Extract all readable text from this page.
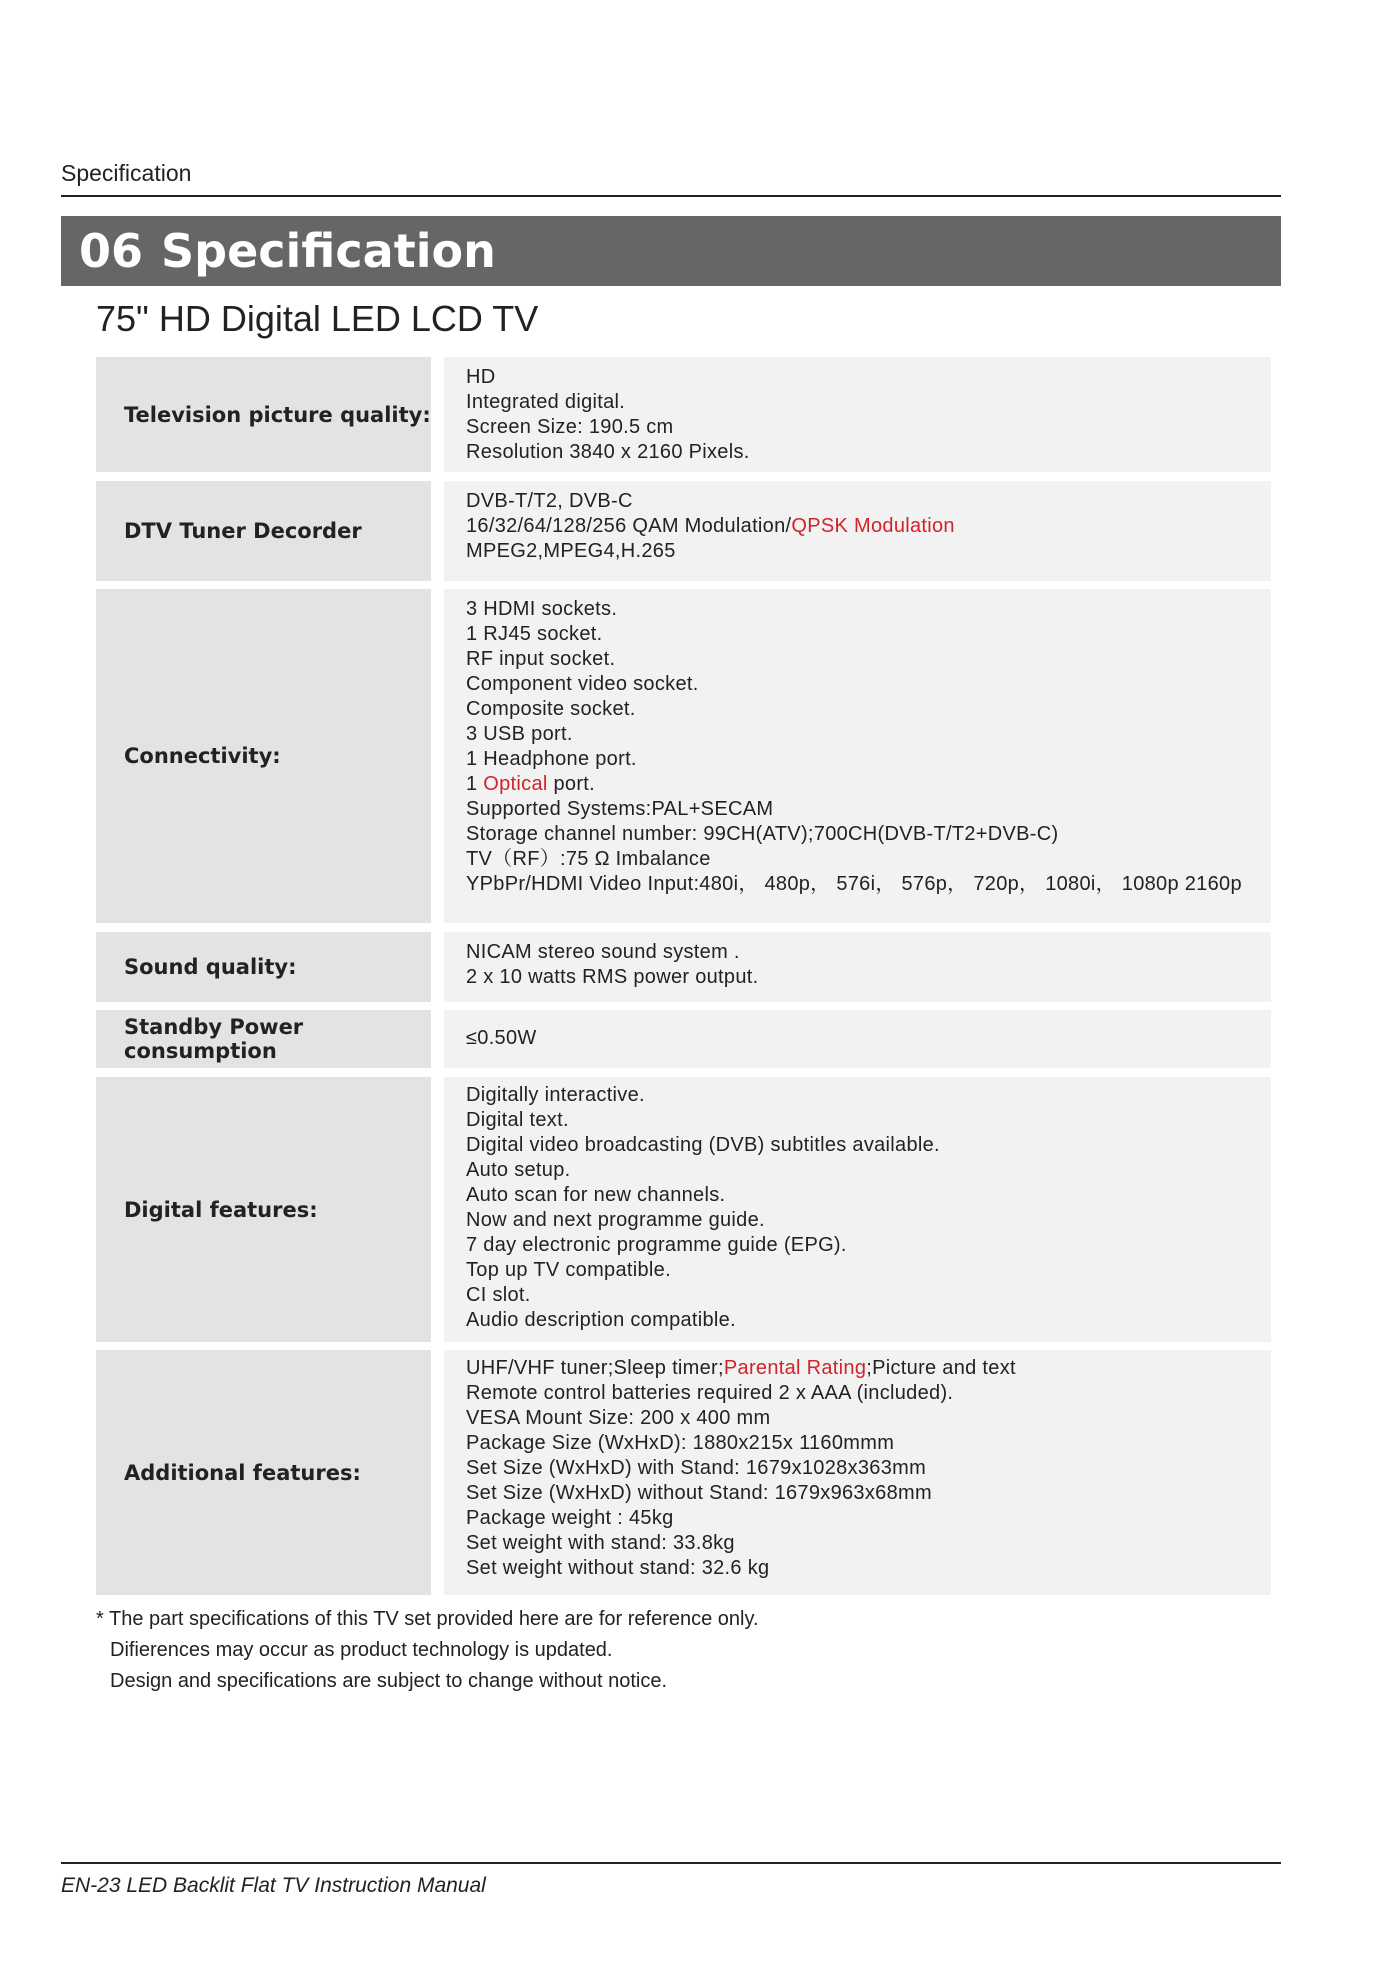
Specification
06 Specification
75" HD Digital LED LCD TV
Television picture quality:
HD
Integrated digital.
Screen Size: 190.5 cm
Resolution 3840 x 2160 Pixels.
DTV Tuner Decorder
DVB-T/T2, DVB-C
16/32/64/128/256 QAM Modulation/QPSK Modulation
MPEG2,MPEG4,H.265
Connectivity:
3 HDMI sockets.
1 RJ45 socket.
RF input socket.
Component video socket.
Composite socket.
3 USB port.
1 Headphone port.
1 Optical port.
Supported Systems:PAL+SECAM
Storage channel number: 99CH(ATV);700CH(DVB-T/T2+DVB-C)
TV（RF）:75 Ω Imbalance
YPbPr/HDMI Video Input:480i， 480p， 576i， 576p， 720p， 1080i， 1080p 2160p
Sound quality:
NICAM stereo sound system .
2 x 10 watts RMS power output.
Standby Power consumption
≤0.50W
Digital features:
Digitally interactive.
Digital text.
Digital video broadcasting (DVB) subtitles available.
Auto setup.
Auto scan for new channels.
Now and next programme guide.
7 day electronic programme guide (EPG).
Top up TV compatible.
CI slot.
Audio description compatible.
Additional features:
UHF/VHF tuner;Sleep timer;Parental Rating;Picture and text
Remote control batteries required 2 x AAA (included).
VESA Mount Size: 200 x 400 mm
Package Size (WxHxD): 1880x215x 1160mmm
Set Size (WxHxD) with Stand: 1679x1028x363mm
Set Size (WxHxD) without Stand: 1679x963x68mm
Package weight : 45kg
Set weight with stand: 33.8kg
Set weight without stand: 32.6 kg
* The part specifications of this TV set provided here are for reference only.
Diﬁerences may occur as product technology is updated.
Design and specifications are subject to change without notice.
EN-23 LED Backlit Flat TV Instruction Manual
